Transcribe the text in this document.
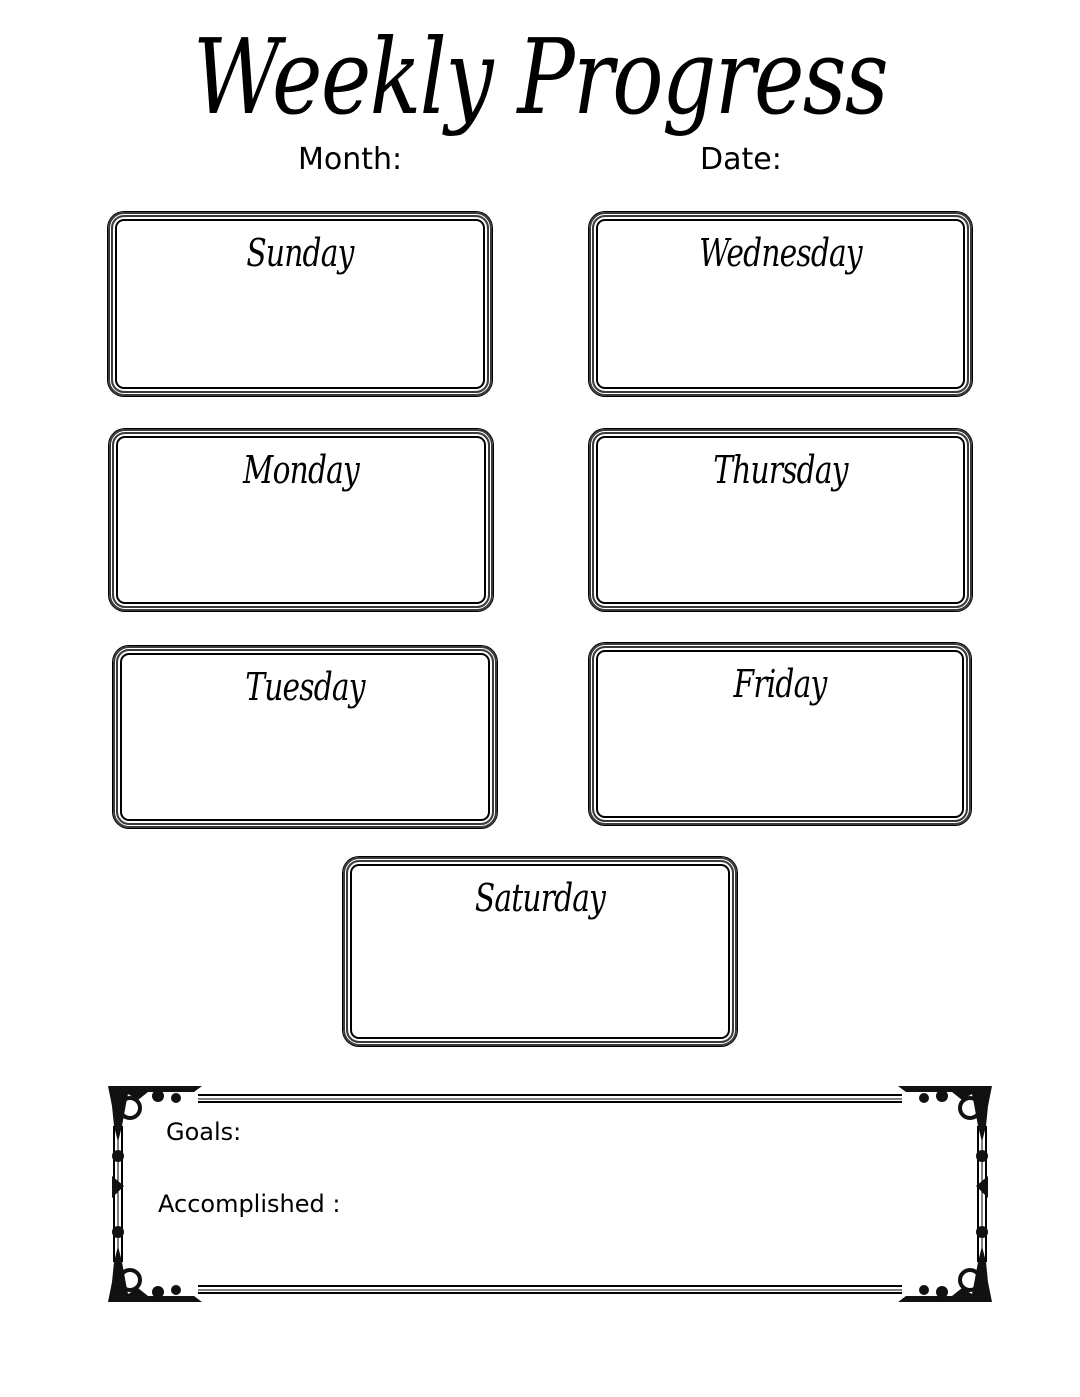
Weekly Progress
Month:	Date:
Sunday
Monday
Tuesday
Wednesday
Thursday
Friday
Saturday
Goals:
Accomplished :
